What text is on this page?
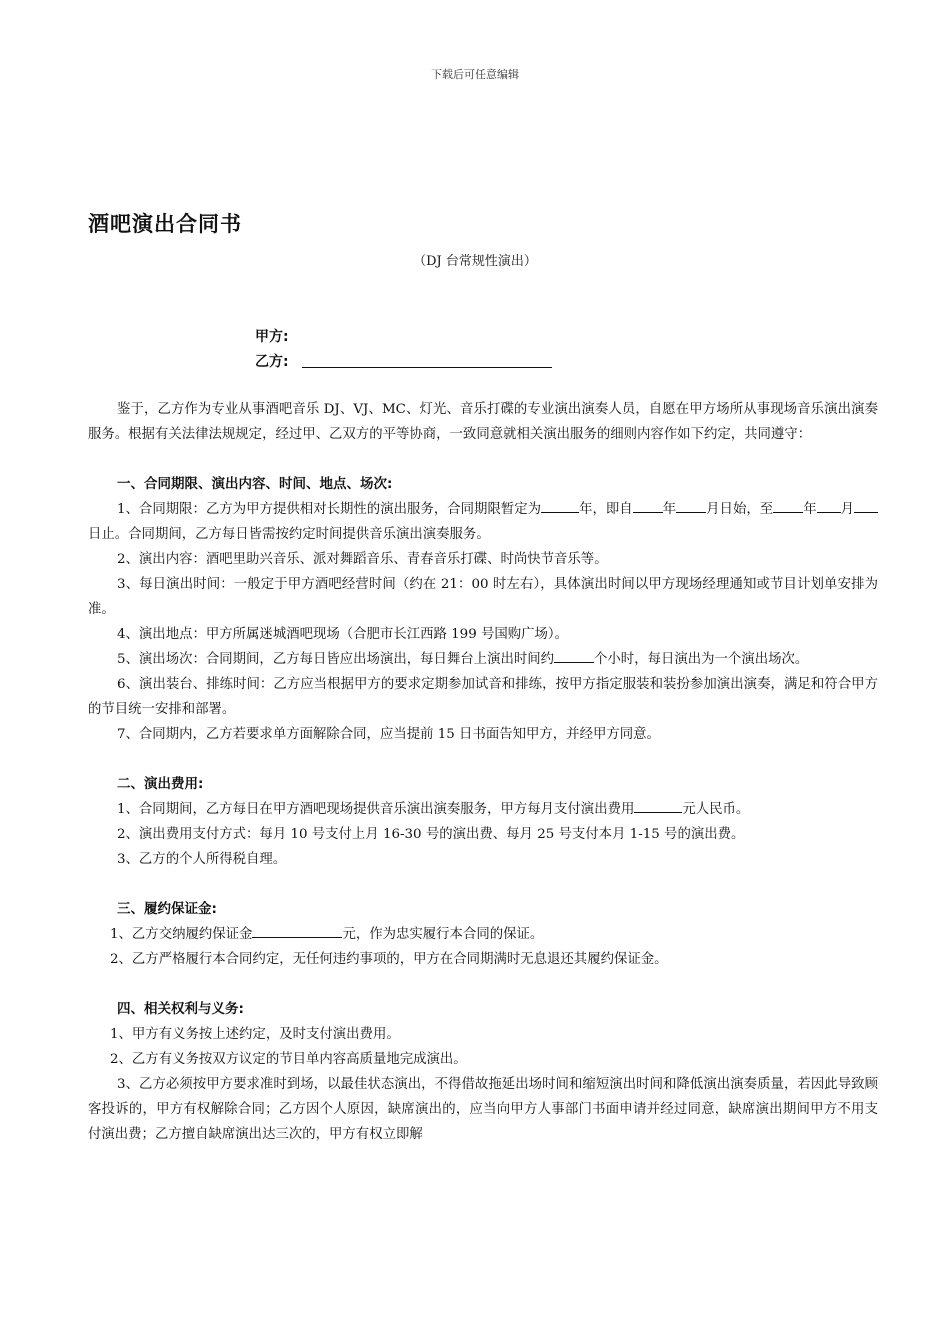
下载后可任意编辑
酒吧演出合同书
（DJ 台常规性演出）
甲方:
乙方:

鉴于，乙方作为专业从事酒吧音乐 DJ、VJ、MC、灯光、音乐打碟的专业演出演奏人员，自愿在甲方场所从事现场音乐演出演奏服务。根据有关法律法规规定，经过甲、乙双方的平等协商，一致同意就相关演出服务的细则内容作如下约定，共同遵守：

一、合同期限、演出内容、时间、地点、场次:

1、合同期限：乙方为甲方提供相对长期性的演出服务，合同期限暂定为	年，即自 年 月日始，至 年 月日止。合同期间，乙方每日皆需按约定时间提供音乐演出演奏服务。

2、演出内容：酒吧里助兴音乐、派对舞蹈音乐、青春音乐打碟、时尚快节音乐等。

3、每日演出时间：一般定于甲方酒吧经营时间（约在 21：00 时左右），具体演出时间以甲方现场经理通知或节目计划单安排为准。

4、演出地点：甲方所属迷城酒吧现场（合肥市长江西路 199 号国购广场）。

5、演出场次：合同期间，乙方每日皆应出场演出，每日舞台上演出时间约	个小时，每日演出为一个演出场次。

6、演出装台、排练时间：乙方应当根据甲方的要求定期参加试音和排练，按甲方指定服装和装扮参加演出演奏，满足和符合甲方的节目统一安排和部署。

7、合同期内，乙方若要求单方面解除合同，应当提前 15 日书面告知甲方，并经甲方同意。

二、演出费用:

1、合同期间，乙方每日在甲方酒吧现场提供音乐演出演奏服务，甲方每月支付演出费用	元人民币。

2、演出费用支付方式：每月 10 号支付上月 16-30 号的演出费、每月 25 号支付本月 1-15 号的演出费。

3、乙方的个人所得税自理。

三、履约保证金:

1、乙方交纳履约保证金	元，作为忠实履行本合同的保证。

2、乙方严格履行本合同约定，无任何违约事项的，甲方在合同期满时无息退还其履约保证金。

四、相关权利与义务:

1、甲方有义务按上述约定，及时支付演出费用。

2、乙方有义务按双方议定的节目单内容高质量地完成演出。

3、乙方必须按甲方要求准时到场，以最佳状态演出，不得借故拖延出场时间和缩短演出时间和降低演出演奏质量，若因此导致顾客投诉的，甲方有权解除合同；乙方因个人原因，缺席演出的，应当向甲方人事部门书面申请并经过同意，缺席演出期间甲方不用支付演出费；乙方擅自缺席演出达三次的，甲方有权立即解
